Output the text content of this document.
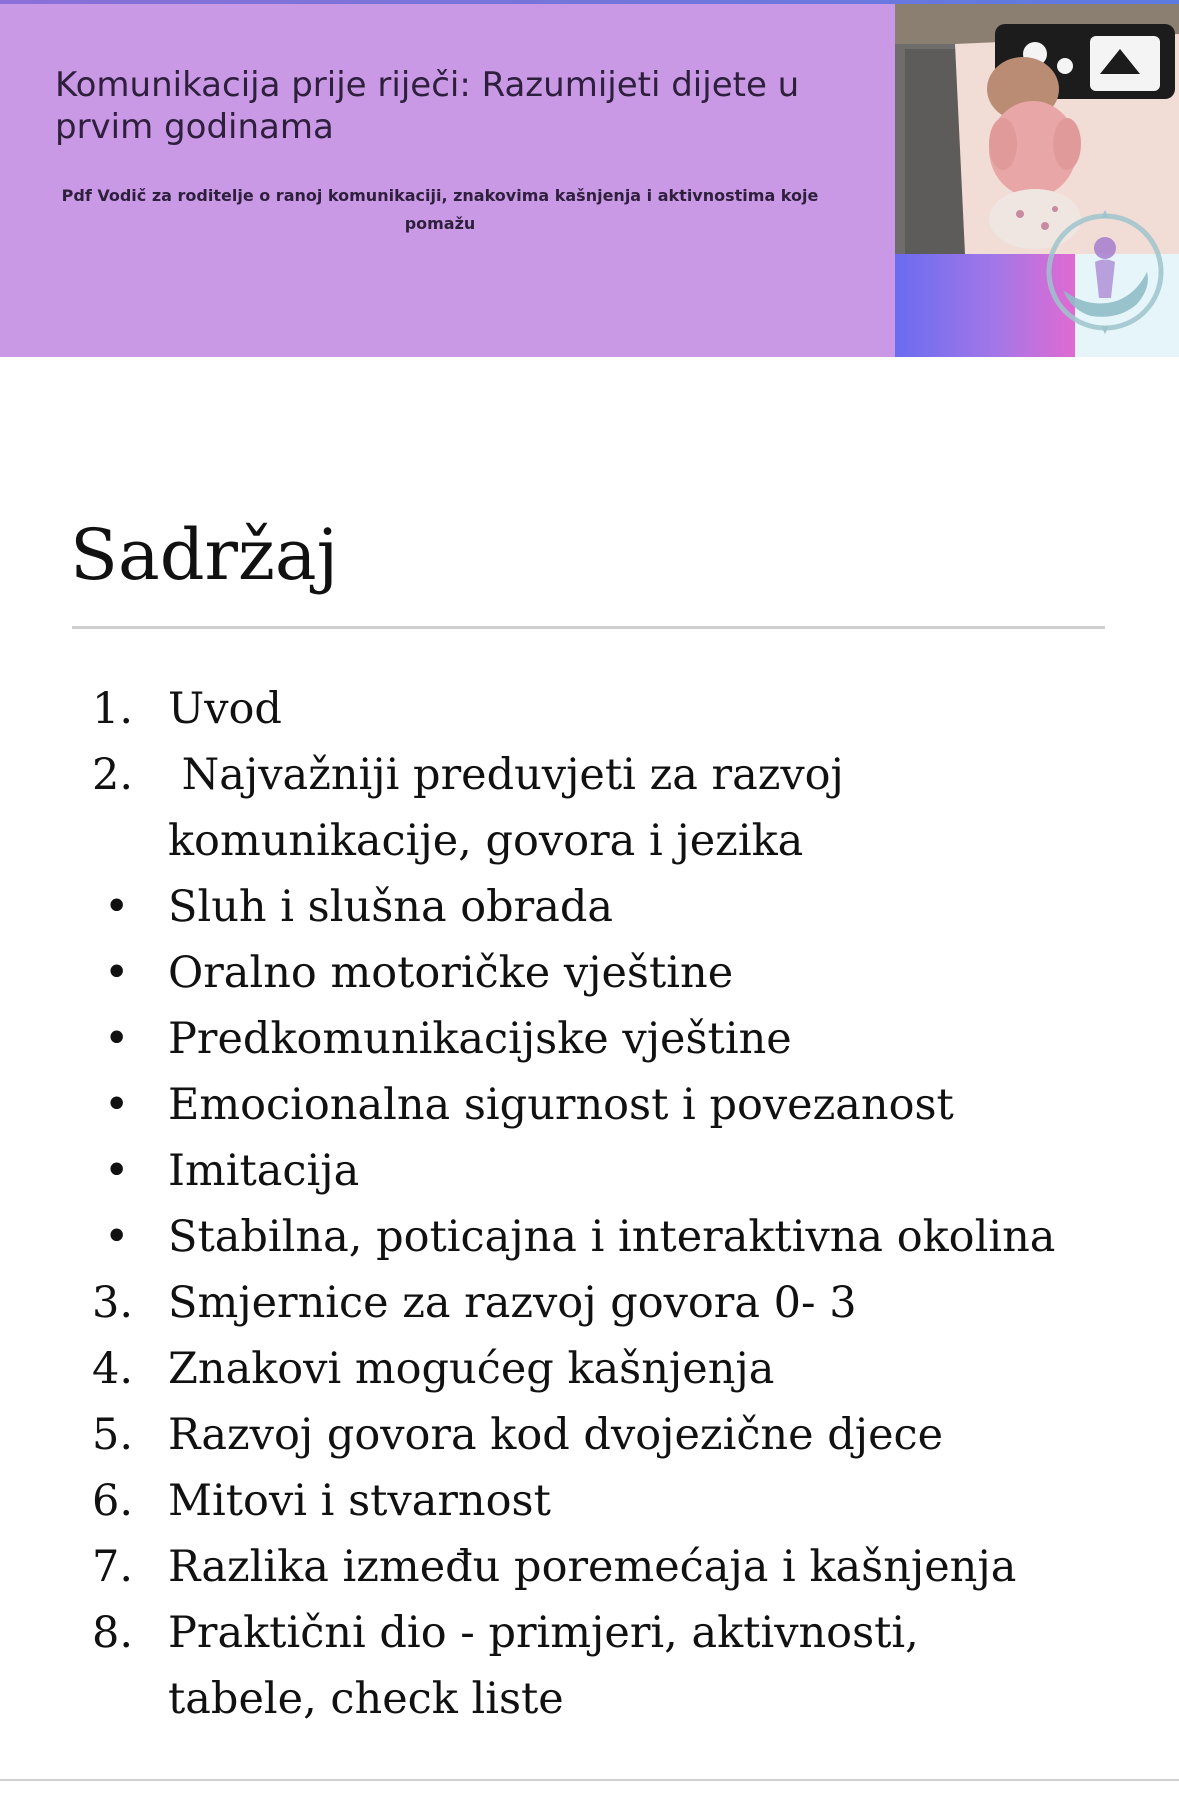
Komunikacija prije riječi: Razumijeti dijete u prvim godinama

Pdf Vodič za roditelje o ranoj komunikaciji, znakovima kašnjenja i aktivnostima koje pomažu

Sadržaj
1. Uvod
2. Najvažniji preduvjeti za razvoj komunikacije, govora i jezika
• Sluh i slušna obrada
• Oralno motoričke vještine
• Predkomunikacijske vještine
• Emocionalna sigurnost i povezanost
• Imitacija
• Stabilna, poticajna i interaktivna okolina
3. Smjernice za razvoj govora 0- 3
4. Znakovi mogućeg kašnjenja
5. Razvoj govora kod dvojezične djece
6. Mitovi i stvarnost
7. Razlika između poremećaja i kašnjenja
8. Praktični dio - primjeri, aktivnosti, tabele, check liste
